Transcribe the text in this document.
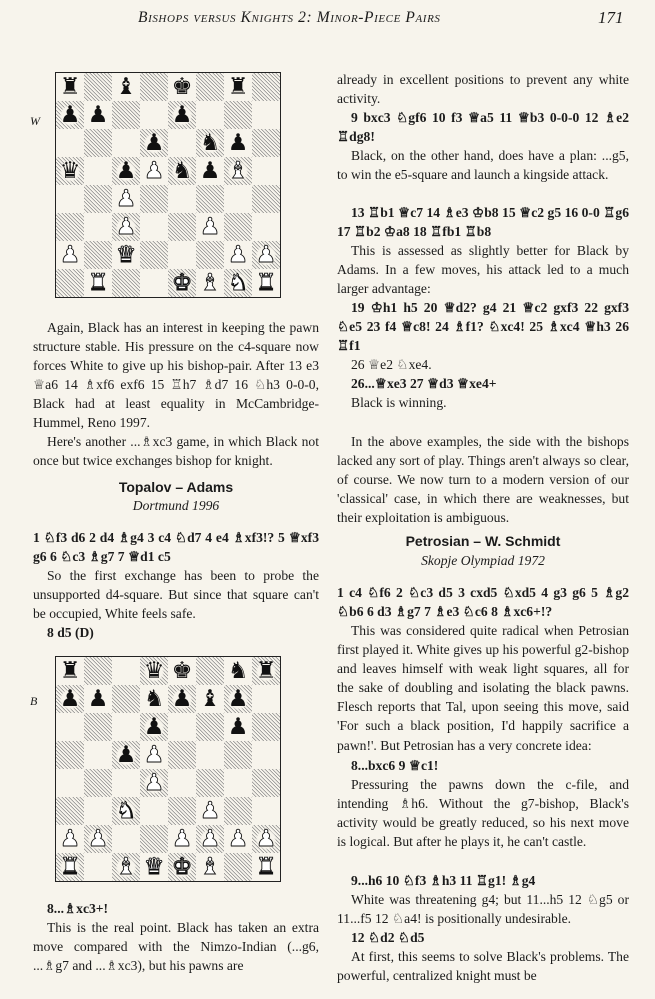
Bishops versus Knights 2: Minor-Piece Pairs	171
W
♜ ♝ ♚ ♜
♟ ♟	♟
♟ ♞ ♟
♛ ♟ ♟ ♞ ♟ ♝
♟
♟	♟
♟ ♛	♟ ♟
♜	♚ ♝ ♞ ♜
B
♜	♛ ♚ ♞ ♜
♟ ♟ ♞ ♟ ♝ ♟
♟	♟
♟ ♟
♟
♞	♟
♟ ♟	♟ ♟ ♟ ♟
♜ ♝ ♛ ♚ ♝ ♜

Again, Black has an interest in keeping the pawn structure stable. His pressure on the c4-square now forces White to give up his bishop-pair. After 13 e3 ♕a6 14 ♗xf6 exf6 15 ♖h7 ♗d7 16 ♘h3 0-0-0, Black had at least equality in McCambridge-Hummel, Reno 1997.

Here's another ...♗xc3 game, in which Black not once but twice exchanges bishop for knight.

Topalov – Adams

Dortmund 1996

1 ♘f3 d6 2 d4 ♗g4 3 c4 ♘d7 4 e4 ♗xf3!? 5 ♕xf3 g6 6 ♘c3 ♗g7 7 ♕d1 c5

So the first exchange has been to probe the unsupported d4-square. But since that square can't be occupied, White feels safe.

8 d5 (D)

8...♗xc3+!

This is the real point. Black has taken an extra move compared with the Nimzo-Indian (...g6, ...♗g7 and ...♗xc3), but his pawns are

already in excellent positions to prevent any white activity.

9 bxc3 ♘gf6 10 f3 ♕a5 11 ♕b3 0-0-0 12 ♗e2 ♖dg8!

Black, on the other hand, does have a plan: ...g5, to win the e5-square and launch a kingside attack.

13 ♖b1 ♕c7 14 ♗e3 ♔b8 15 ♕c2 g5 16 0-0 ♖g6 17 ♖b2 ♔a8 18 ♖fb1 ♖b8

This is assessed as slightly better for Black by Adams. In a few moves, his attack led to a much larger advantage:

19 ♔h1 h5 20 ♕d2? g4 21 ♕c2 gxf3 22 gxf3 ♘e5 23 f4 ♕c8! 24 ♗f1? ♘xc4! 25 ♗xc4 ♕h3 26 ♖f1

26 ♕e2 ♘xe4.

26...♕xe3 27 ♕d3 ♕xe4+

Black is winning.

In the above examples, the side with the bishops lacked any sort of play. Things aren't always so clear, of course. We now turn to a modern version of our 'classical' case, in which there are weaknesses, but their exploitation is ambiguous.

Petrosian – W. Schmidt

Skopje Olympiad 1972

1 c4 ♘f6 2 ♘c3 d5 3 cxd5 ♘xd5 4 g3 g6 5 ♗g2 ♘b6 6 d3 ♗g7 7 ♗e3 ♘c6 8 ♗xc6+!?

This was considered quite radical when Petrosian first played it. White gives up his powerful g2-bishop and leaves himself with weak light squares, all for the sake of doubling and isolating the black pawns. Flesch reports that Tal, upon seeing this move, said 'For such a black position, I'd happily sacrifice a pawn!'. But Petrosian has a very concrete idea:

8...bxc6 9 ♕c1!

Pressuring the pawns down the c-file, and intending ♗h6. Without the g7-bishop, Black's activity would be greatly reduced, so his next move is logical. But after he plays it, he can't castle.

9...h6 10 ♘f3 ♗h3 11 ♖g1! ♗g4

White was threatening g4; but 11...h5 12 ♘g5 or 11...f5 12 ♘a4! is positionally undesirable.

12 ♘d2 ♘d5

At first, this seems to solve Black's problems. The powerful, centralized knight must be
